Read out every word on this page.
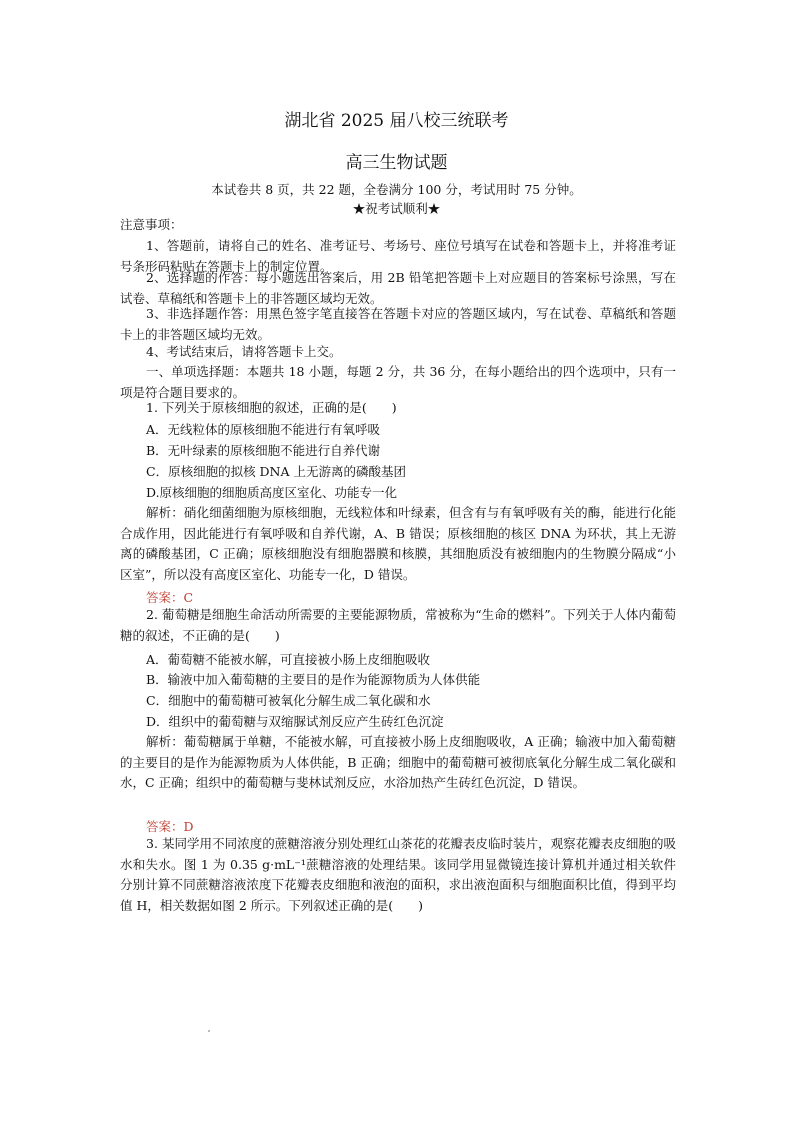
湖北省 2025 届八校三统联考
高三生物试题
本试卷共 8 页，共 22 题，全卷满分 100 分，考试用时 75 分钟。
★祝考试顺利★
注意事项：
1、答题前，请将自己的姓名、准考证号、考场号、座位号填写在试卷和答题卡上，并将准考证号条形码粘贴在答题卡上的制定位置。
2、选择题的作答：每小题选出答案后，用 2B 铅笔把答题卡上对应题目的答案标号涂黑，写在试卷、草稿纸和答题卡上的非答题区域均无效。
3、非选择题作答：用黑色签字笔直接答在答题卡对应的答题区域内，写在试卷、草稿纸和答题卡上的非答题区域均无效。
4、考试结束后，请将答题卡上交。
一、单项选择题：本题共 18 小题，每题 2 分，共 36 分，在每小题给出的四个选项中，只有一项是符合题目要求的。
1. 下列关于原核细胞的叙述，正确的是(　　)
A．无线粒体的原核细胞不能进行有氧呼吸
B．无叶绿素的原核细胞不能进行自养代谢
C．原核细胞的拟核 DNA 上无游离的磷酸基团
D.原核细胞的细胞质高度区室化、功能专一化
解析：硝化细菌细胞为原核细胞，无线粒体和叶绿素，但含有与有氧呼吸有关的酶，能进行化能合成作用，因此能进行有氧呼吸和自养代谢，A、B 错误；原核细胞的核区 DNA 为环状，其上无游离的磷酸基团，C 正确；原核细胞没有细胞器膜和核膜，其细胞质没有被细胞内的生物膜分隔成“小区室”，所以没有高度区室化、功能专一化，D 错误。
答案：C
2. 葡萄糖是细胞生命活动所需要的主要能源物质，常被称为“生命的燃料”。下列关于人体内葡萄糖的叙述，不正确的是(　　)
A．葡萄糖不能被水解，可直接被小肠上皮细胞吸收
B．输液中加入葡萄糖的主要目的是作为能源物质为人体供能
C．细胞中的葡萄糖可被氧化分解生成二氧化碳和水
D．组织中的葡萄糖与双缩脲试剂反应产生砖红色沉淀
解析：葡萄糖属于单糖，不能被水解，可直接被小肠上皮细胞吸收，A 正确；输液中加入葡萄糖的主要目的是作为能源物质为人体供能，B 正确；细胞中的葡萄糖可被彻底氧化分解生成二氧化碳和水，C 正确；组织中的葡萄糖与斐林试剂反应，水浴加热产生砖红色沉淀，D 错误。
答案：D
3. 某同学用不同浓度的蔗糖溶液分别处理红山茶花的花瓣表皮临时装片，观察花瓣表皮细胞的吸水和失水。图 1 为 0.35 g·mL⁻¹蔗糖溶液的处理结果。该同学用显微镜连接计算机并通过相关软件分别计算不同蔗糖溶液浓度下花瓣表皮细胞和液泡的面积，求出液泡面积与细胞面积比值，得到平均值 H，相关数据如图 2 所示。下列叙述正确的是(　　)
